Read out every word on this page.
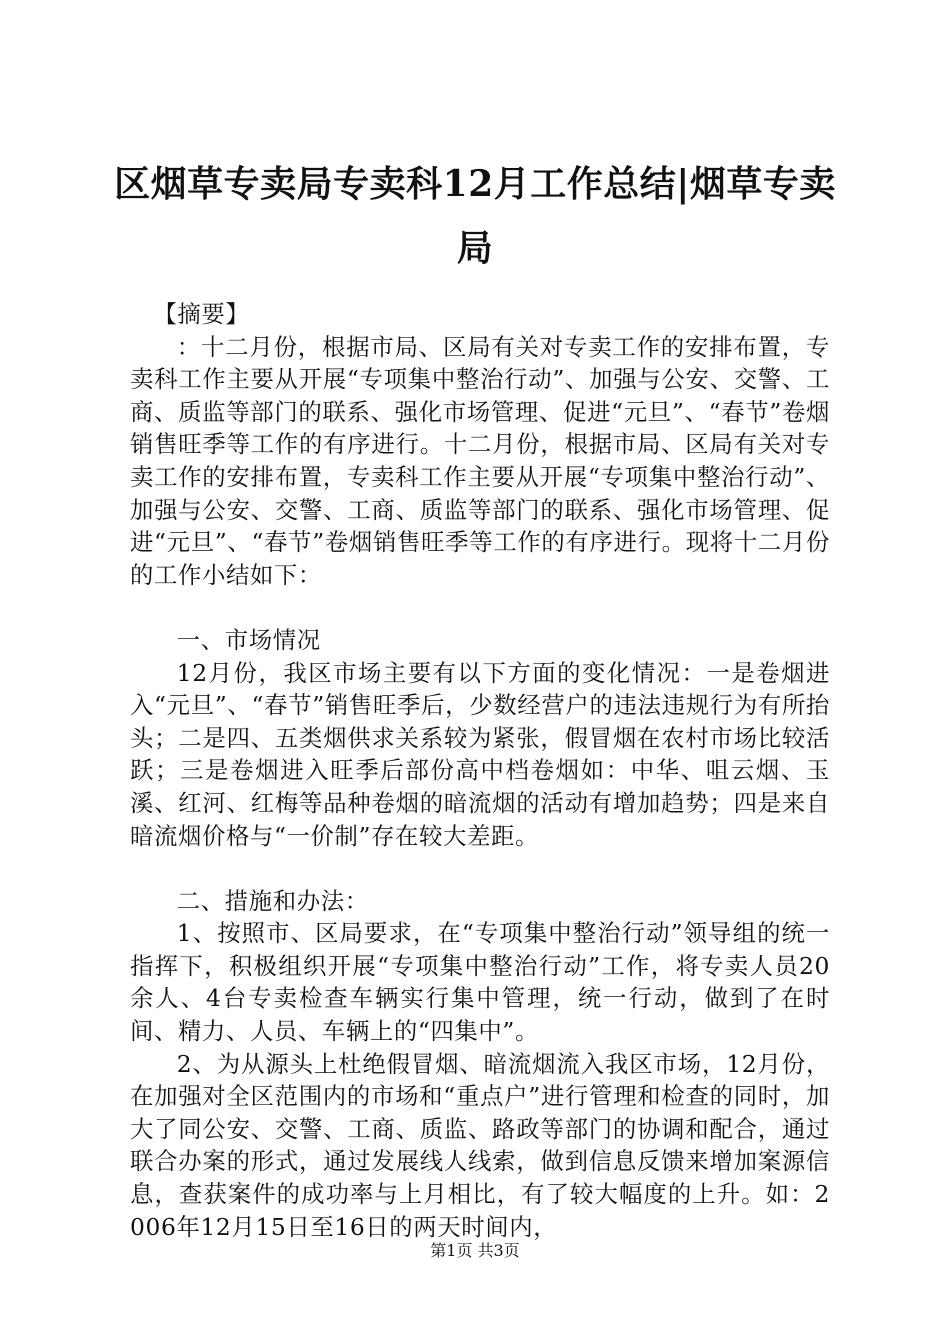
区烟草专卖局专卖科12月工作总结|烟草专卖局

【摘要】

：十二月份，根据市局、区局有关对专卖工作的安排布置，专卖科工作主要从开展“专项集中整治行动”、加强与公安、交警、工商、质监等部门的联系、强化市场管理、促进“元旦”、“春节”卷烟销售旺季等工作的有序进行。十二月份，根据市局、区局有关对专卖工作的安排布置，专卖科工作主要从开展“专项集中整治行动”、加强与公安、交警、工商、质监等部门的联系、强化市场管理、促进“元旦”、“春节”卷烟销售旺季等工作的有序进行。现将十二月份的工作小结如下：

一、市场情况

12月份，我区市场主要有以下方面的变化情况：一是卷烟进入“元旦”、“春节”销售旺季后，少数经营户的违法违规行为有所抬头；二是四、五类烟供求关系较为紧张，假冒烟在农村市场比较活跃；三是卷烟进入旺季后部份高中档卷烟如：中华、咀云烟、玉溪、红河、红梅等品种卷烟的暗流烟的活动有增加趋势；四是来自暗流烟价格与“一价制”存在较大差距。

二、措施和办法：

1、按照市、区局要求，在“专项集中整治行动”领导组的统一指挥下，积极组织开展“专项集中整治行动”工作，将专卖人员20余人、4台专卖检查车辆实行集中管理，统一行动，做到了在时间、精力、人员、车辆上的“四集中”。

2、为从源头上杜绝假冒烟、暗流烟流入我区市场，12月份，在加强对全区范围内的市场和“重点户”进行管理和检查的同时，加大了同公安、交警、工商、质监、路政等部门的协调和配合，通过联合办案的形式，通过发展线人线索，做到信息反馈来增加案源信息，查获案件的成功率与上月相比，有了较大幅度的上升。如：2006年12月15日至16日的两天时间内，

第1页 共3页
